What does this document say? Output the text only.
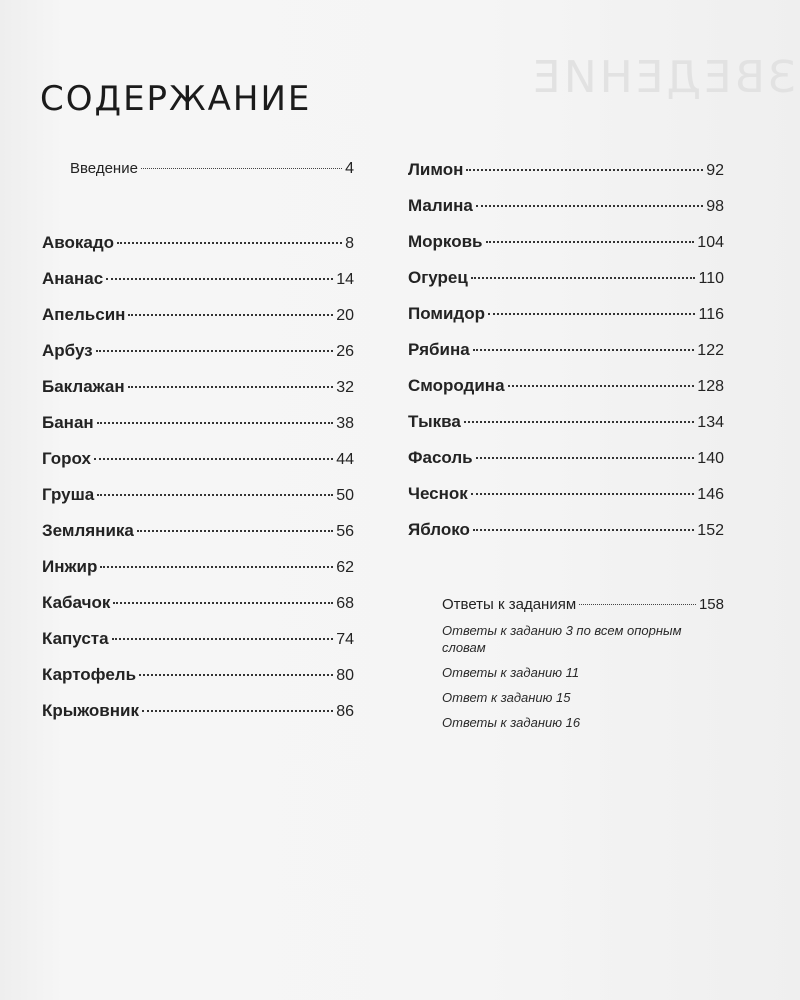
ЗВЕДЕНИЕ
СОДЕРЖАНИЕ
Введение	4
Авокадо	8
Ананас	14
Апельсин	20
Арбуз	26
Баклажан	32
Банан	38
Горох	44
Груша	50
Земляника	56
Инжир	62
Кабачок	68
Капуста	74
Картофель	80
Крыжовник	86
Лимон	92
Малина	98
Морковь	104
Огурец	110
Помидор	116
Рябина	122
Смородина	128
Тыква	134
Фасоль	140
Чеснок	146
Яблоко	152
Ответы к заданиям	158
Ответы к заданию 3 по всем опорным словам
Ответы к заданию 11
Ответ к заданию 15
Ответы к заданию 16
